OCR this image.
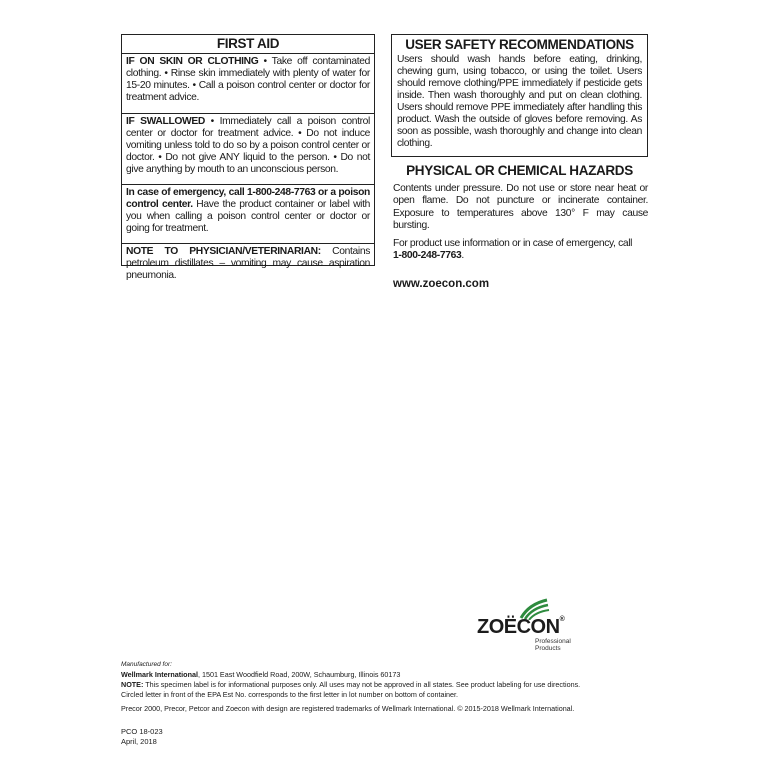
FIRST AID
IF ON SKIN OR CLOTHING • Take off contaminated clothing. • Rinse skin immediately with plenty of water for 15-20 minutes. • Call a poison control center or doctor for treatment advice.
IF SWALLOWED • Immediately call a poison control center or doctor for treatment advice. • Do not induce vomiting unless told to do so by a poison control center or doctor. • Do not give ANY liquid to the person. • Do not give anything by mouth to an unconscious person.
In case of emergency, call 1-800-248-7763 or a poison control center. Have the product container or label with you when calling a poison control center or doctor or going for treatment.
NOTE TO PHYSICIAN/VETERINARIAN: Contains petroleum distillates – vomiting may cause aspiration pneumonia.
USER SAFETY RECOMMENDATIONS
Users should wash hands before eating, drinking, chewing gum, using tobacco, or using the toilet. Users should remove clothing/PPE immediately if pesticide gets inside. Then wash thoroughly and put on clean clothing. Users should remove PPE immediately after handling this product. Wash the outside of gloves before removing. As soon as possible, wash thoroughly and change into clean clothing.
PHYSICAL OR CHEMICAL HAZARDS
Contents under pressure. Do not use or store near heat or open flame. Do not puncture or incinerate container. Exposure to temperatures above 130° F may cause bursting.
For product use information or in case of emergency, call
1-800-248-7763.
www.zoecon.com
ZOËCON®
Professional
Products
Manufactured for:
Wellmark International, 1501 East Woodfield Road, 200W, Schaumburg, Illinois 60173
NOTE: This specimen label is for informational purposes only. All uses may not be approved in all states. See product labeling for use directions.
Circled letter in front of the EPA Est No. corresponds to the first letter in lot number on bottom of container.
Precor 2000, Precor, Petcor and Zoecon with design are registered trademarks of Wellmark International. © 2015-2018 Wellmark International.
PCO 18-023
April, 2018
